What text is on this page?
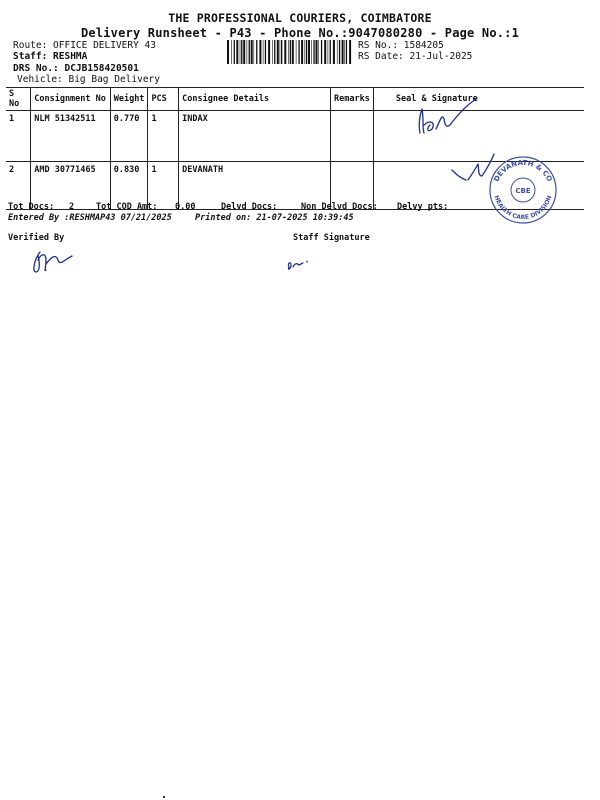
THE PROFESSIONAL COURIERS, COIMBATORE
Delivery Runsheet - P43 - Phone No.:9047080280 - Page No.:1
Route: OFFICE DELIVERY 43
Staff: RESHMA
DRS No.: DCJB158420501
Vehicle: Big Bag Delivery
RS No.: 1584205
RS Date: 21-Jul-2025
S No	Consignment No	Weight	PCS	Consignee Details	Remarks	Seal & Signature
1	NLM 51342511	0.770	1	INDAX		
2	AMD 30771465	0.830	1	DEVANATH		
DEVANATH & CO
HEALTH CARE DIVISION
CBE
Tot Docs: 2	Tot COD Amt: 0.00	Delvd Docs:	Non Delvd Docs: Delvy pts:
Entered By :RESHMAP43 07/21/2025	Printed on: 21-07-2025 10:39:45
Verified By	Staff Signature
